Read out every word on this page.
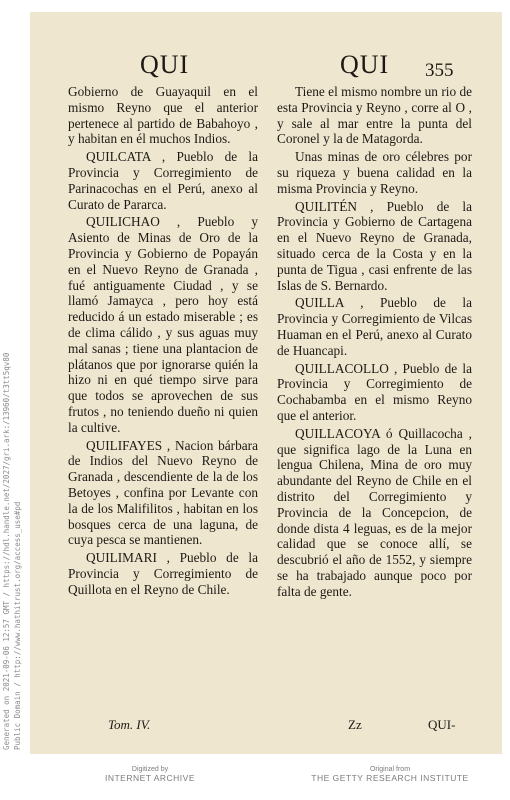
Generated on 2021-09-06 12:57 GMT / https://hdl.handle.net/2027/gri.ark:/13960/t3tt5qv80 Public Domain / http://www.hathitrust.org/access_use#pd
QUI	QUI 355

Gobierno de Guayaquil en el mismo Reyno que el anterior pertenece al partido de Babahoyo , y habitan en él muchos Indios.

QUILCATA , Pueblo de la Provincia y Corregimiento de Parinacochas en el Perú, anexo al Curato de Pararca.

QUILICHAO , Pueblo y Asiento de Minas de Oro de la Provincia y Gobierno de Popayán en el Nuevo Reyno de Granada , fué antiguamente Ciudad , y se llamó Jamayca , pero hoy está reducido á un estado miserable ; es de clima cálido , y sus aguas muy mal sanas ; tiene una plantacion de plátanos que por ignorarse quién la hizo ni en qué tiempo sirve para que todos se aprovechen de sus frutos , no teniendo dueño ni quien la cultive.

QUILIFAYES , Nacion bárbara de Indios del Nuevo Reyno de Granada , descendiente de la de los Betoyes , confina por Levante con la de los Malifilitos , habitan en los bosques cerca de una laguna, de cuya pesca se mantienen.

QUILIMARI , Pueblo de la Provincia y Corregimiento de Quillota en el Reyno de Chile.

Tiene el mismo nombre un rio de esta Provincia y Reyno , corre al O , y sale al mar entre la punta del Coronel y la de Matagorda.

Unas minas de oro célebres por su riqueza y buena calidad en la misma Provincia y Reyno.

QUILITÉN , Pueblo de la Provincia y Gobierno de Cartagena en el Nuevo Reyno de Granada, situado cerca de la Costa y en la punta de Tigua , casi enfrente de las Islas de S. Bernardo.

QUILLA , Pueblo de la Provincia y Corregimiento de Vilcas Huaman en el Perú, anexo al Curato de Huancapi.

QUILLACOLLO , Pueblo de la Provincia y Corregimiento de Cochabamba en el mismo Reyno que el anterior.

QUILLACOYA ó Quillacocha , que significa lago de la Luna en lengua Chilena, Mina de oro muy abundante del Reyno de Chile en el distrito del Corregimiento y Provincia de la Concepcion, de donde dista 4 leguas, es de la mejor calidad que se conoce allí, se descubrió el año de 1552, y siempre se ha trabajado aunque poco por falta de gente.

Tom. IV.	Zz	QUI-
Digitized by
INTERNET ARCHIVE
Original from
THE GETTY RESEARCH INSTITUTE
